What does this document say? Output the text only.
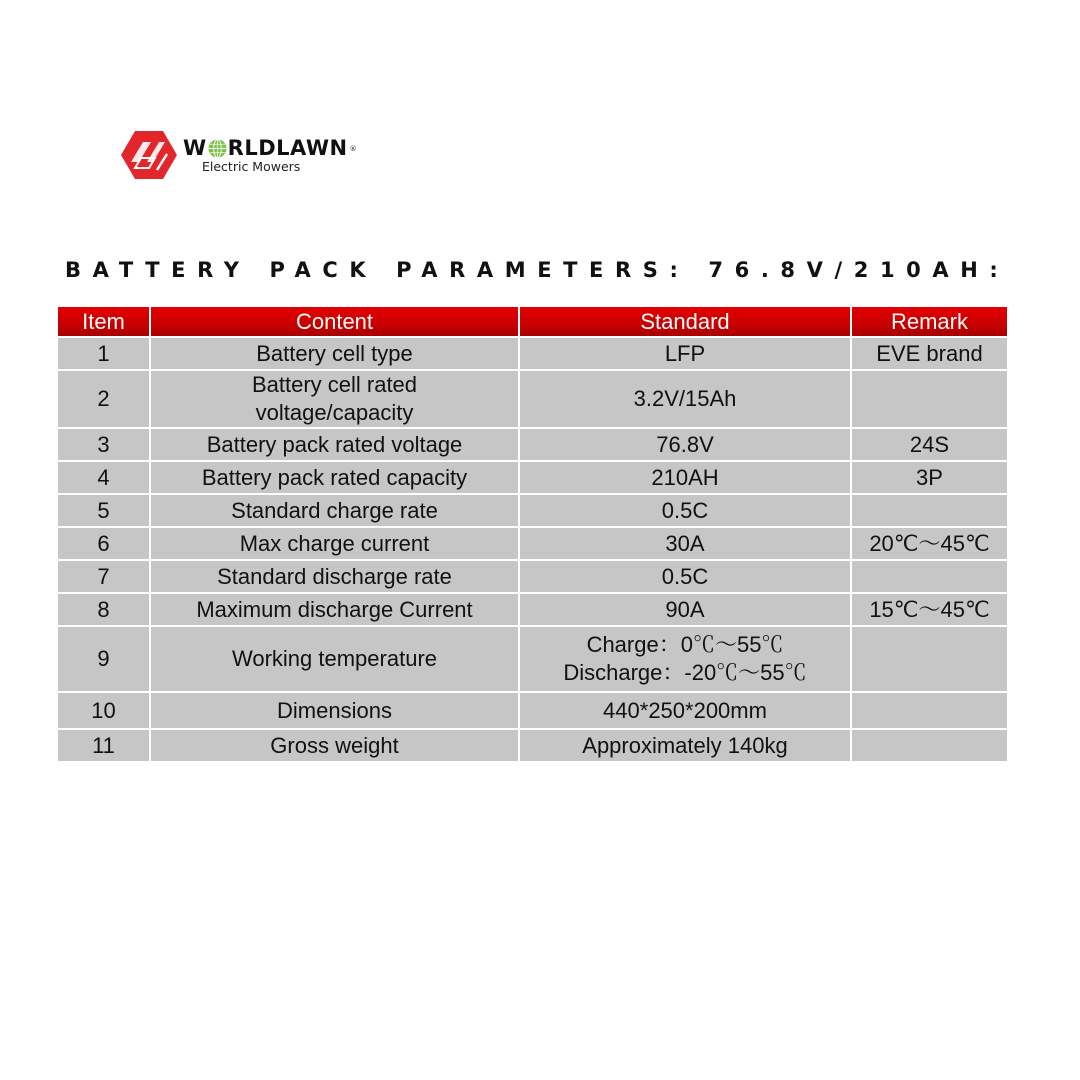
W RLDLAWN ®
Electric Mowers
BATTERY PACK PARAMETERS: 76.8V/210AH:
Item	Content	Standard	Remark
1	Battery cell type	LFP	EVE brand
2	Battery cell rated
voltage/capacity	3.2V/15Ah	
3	Battery pack rated voltage	76.8V	24S
4	Battery pack rated capacity	210AH	3P
5	Standard charge rate	0.5C	
6	Max charge current	30A	20℃～45℃
7	Standard discharge rate	0.5C	
8	Maximum discharge Current	90A	15℃～45℃
9	Working temperature	Charge：0℃～55℃
Discharge：-20℃～55℃	

10	Dimensions	440*250*200mm	
11	Gross weight	Approximately 140kg	
